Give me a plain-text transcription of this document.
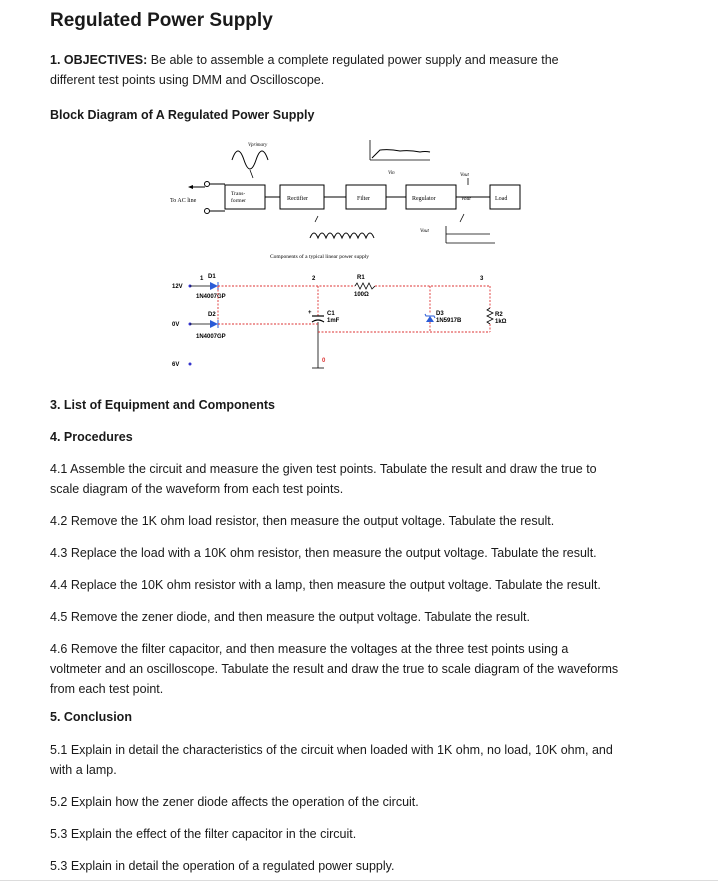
Regulated Power Supply
1. OBJECTIVES: Be able to assemble a complete regulated power supply and measure the
different test points using DMM and Oscilloscope.
Block Diagram of A Regulated Power Supply
To AC line
Trans-
former	Rectifier	Filter	Regulator	Vout	Load
Vprimary
Vin	Vout
Vout
Components of a typical linear power supply
12V
0V
6V
1	2	3
D1
1N4007GP
R1
100Ω
D2
1N4007GP
+	C1
1mF
0
D3
1N5917B
R2
1kΩ
3. List of Equipment and Components
4. Procedures
4.1 Assemble the circuit and measure the given test points. Tabulate the result and draw the true to
scale diagram of the waveform from each test points.
4.2 Remove the 1K ohm load resistor, then measure the output voltage. Tabulate the result.
4.3 Replace the load with a 10K ohm resistor, then measure the output voltage. Tabulate the result.
4.4 Replace the 10K ohm resistor with a lamp, then measure the output voltage. Tabulate the result.
4.5 Remove the zener diode, and then measure the output voltage. Tabulate the result.
4.6 Remove the filter capacitor, and then measure the voltages at the three test points using a
voltmeter and an oscilloscope. Tabulate the result and draw the true to scale diagram of the waveforms
from each test point.
5. Conclusion
5.1 Explain in detail the characteristics of the circuit when loaded with 1K ohm, no load, 10K ohm, and
with a lamp.
5.2 Explain how the zener diode affects the operation of the circuit.
5.3 Explain the effect of the filter capacitor in the circuit.
5.3 Explain in detail the operation of a regulated power supply.
